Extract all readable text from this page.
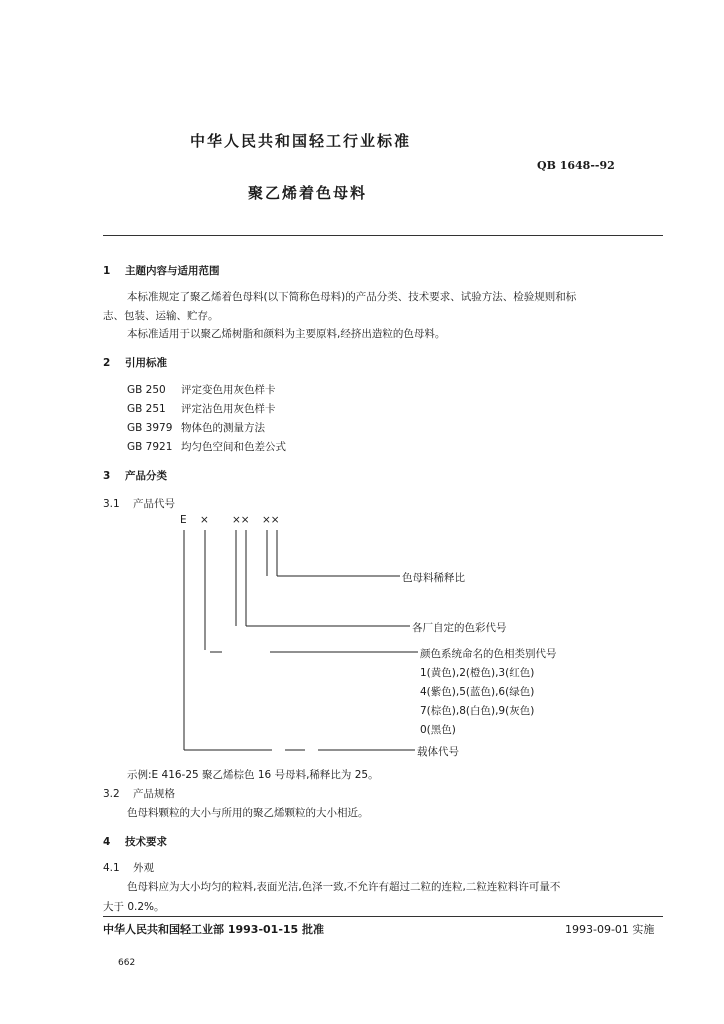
中华人民共和国轻工行业标准
QB 1648--92
聚乙烯着色母料
1 主题内容与适用范围
本标准规定了聚乙烯着色母料(以下简称色母料)的产品分类、技术要求、试验方法、检验规则和标
志、包装、运输、贮存。
本标准适用于以聚乙烯树脂和颜料为主要原料,经挤出造粒的色母料。
2 引用标准
GB 250 评定变色用灰色样卡
GB 251 评定沾色用灰色样卡
GB 3979 物体色的测量方法
GB 7921 均匀色空间和色差公式
3 产品分类
3.1 产品代号
E × ×× ××
色母料稀释比
各厂自定的色彩代号
颜色系统命名的色相类别代号
1(黄色),2(橙色),3(红色)
4(紫色),5(蓝色),6(绿色)
7(棕色),8(白色),9(灰色)
0(黑色)
载体代号
示例:E 416-25 聚乙烯棕色 16 号母料,稀释比为 25。
3.2 产品规格
色母料颗粒的大小与所用的聚乙烯颗粒的大小相近。
4 技术要求
4.1 外观
色母料应为大小均匀的粒料,表面光洁,色泽一致,不允许有超过二粒的连粒,二粒连粒料许可量不
大于 0.2%。
中华人民共和国轻工业部 1993-01-15 批准	1993-09-01 实施
662
